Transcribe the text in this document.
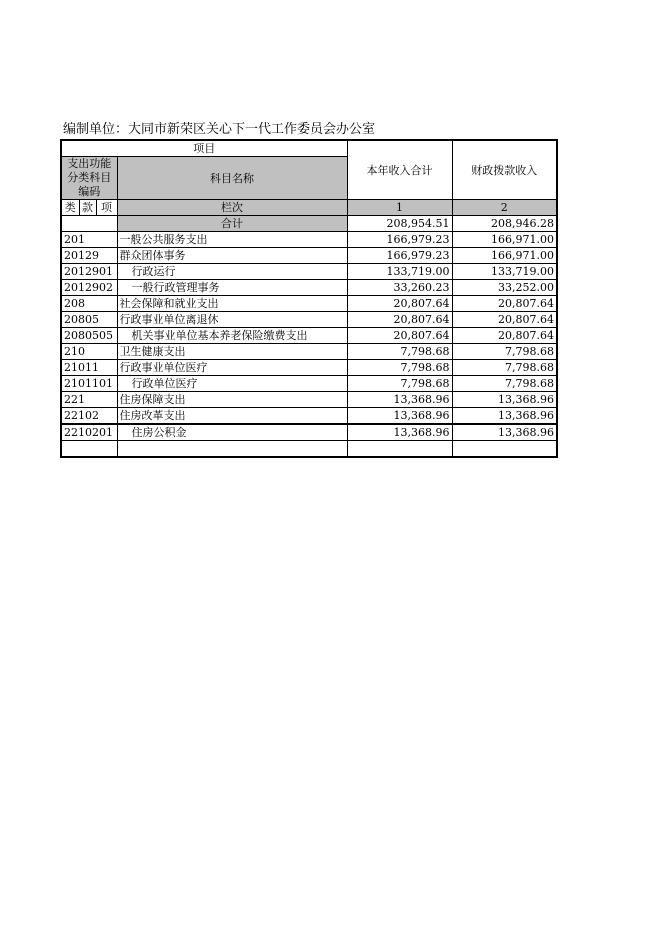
编制单位：大同市新荣区关心下一代工作委员会办公室
项目				本年收入合计	财政拨款收入
支出功能分类科目编码			科目名称		
类	款	项			
			栏次	1	2
			合计	208,954.51	208,946.28
201			一般公共服务支出	166,979.23	166,971.00
20129			群众团体事务	166,979.23	166,971.00
2012901			行政运行	133,719.00	133,719.00
2012902			一般行政管理事务	33,260.23	33,252.00
208			社会保障和就业支出	20,807.64	20,807.64
20805			行政事业单位离退休	20,807.64	20,807.64
2080505			机关事业单位基本养老保险缴费支出	20,807.64	20,807.64
210			卫生健康支出	7,798.68	7,798.68
21011			行政事业单位医疗	7,798.68	7,798.68
2101101			行政单位医疗	7,798.68	7,798.68
221			住房保障支出	13,368.96	13,368.96
22102			住房改革支出	13,368.96	13,368.96
2210201			住房公积金	13,368.96	13,368.96
